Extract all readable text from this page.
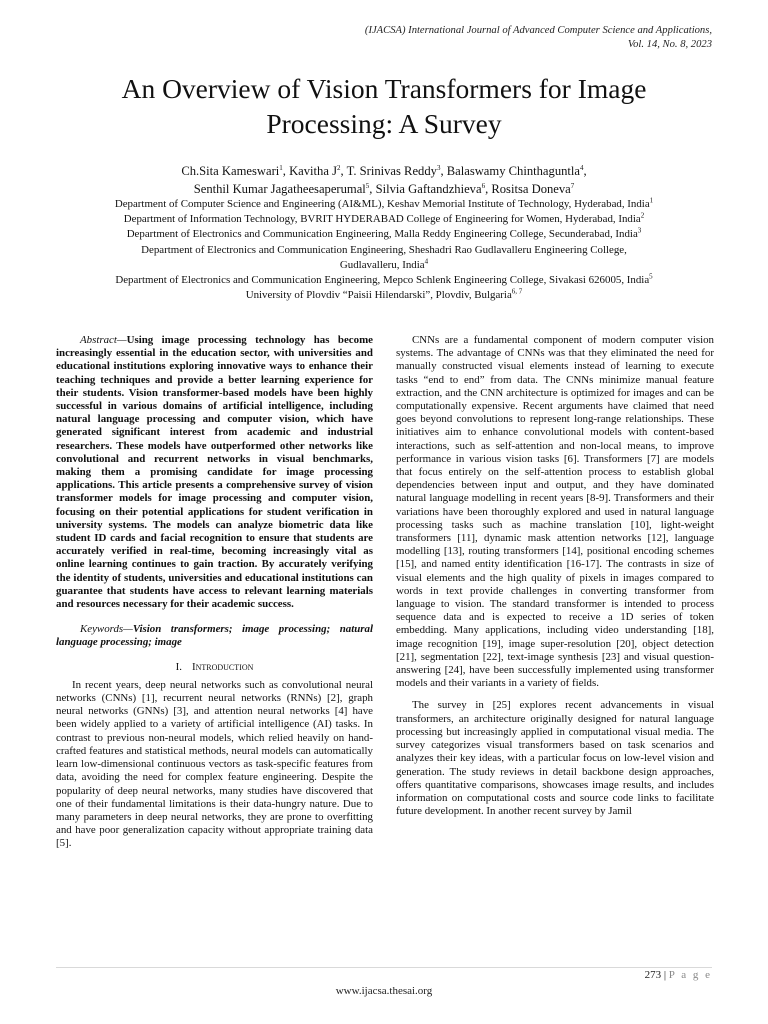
(IJACSA) International Journal of Advanced Computer Science and Applications,
Vol. 14, No. 8, 2023
An Overview of Vision Transformers for Image
Processing: A Survey
Ch.Sita Kameswari$^1$, Kavitha $J^2$, T. Srinivas Reddy$^3$, Balaswamy Chinthaguntla$^4$,
Senthil Kumar Jagatheesaperumal$^5$, Silvia Gaftandzhieva$^6$, Rositsa Doneva$^7$
Department of Computer Science and Engineering (AI&ML), Keshav Memorial Institute of Technology, Hyderabad, India$^1$
Department of Information Technology, BVRIT HYDERABAD College of Engineering for Women, Hyderabad, India$^2$
Department of Electronics and Communication Engineering, Malla Reddy Engineering College, Secunderabad, India$^3$
Department of Electronics and Communication Engineering, Sheshadri Rao Gudlavalleru Engineering College,
Gudlavalleru, India$^4$
Department of Electronics and Communication Engineering, Mepco Schlenk Engineering College, Sivakasi 626005, India$^5$
University of Plovdiv “Paisii Hilendarski”, Plovdiv, Bulgaria$^{6, 7}$

Abstract—Using image processing technology has become increasingly essential in the education sector, with universities and educational institutions exploring innovative ways to enhance their teaching techniques and provide a better learning experience for their students. Vision transformer-based models have been highly successful in various domains of artificial intelligence, including natural language processing and computer vision, which have generated significant interest from academic and industrial researchers. These models have outperformed other networks like convolutional and recurrent networks in visual benchmarks, making them a promising candidate for image processing applications. This article presents a comprehensive survey of vision transformer models for image processing and computer vision, focusing on their potential applications for student verification in university systems. The models can analyze biometric data like student ID cards and facial recognition to ensure that students are accurately verified in real-time, becoming increasingly vital as online learning continues to gain traction. By accurately verifying the identity of students, universities and educational institutions can guarantee that students have access to relevant learning materials and resources necessary for their academic success.

Keywords—Vision transformers; image processing; natural language processing; image

I. Introduction

In recent years, deep neural networks such as convolutional neural networks (CNNs) [1], recurrent neural networks (RNNs) [2], graph neural networks (GNNs) [3], and attention neural networks [4] have been widely applied to a variety of artificial intelligence (AI) tasks. In contrast to previous non-neural models, which relied heavily on hand-crafted features and statistical methods, neural models can automatically learn low-dimensional continuous vectors as task-specific features from data, avoiding the need for complex feature engineering. Despite the popularity of deep neural networks, many studies have discovered that one of their fundamental limitations is their data-hungry nature. Due to many parameters in deep neural networks, they are prone to overfitting and have poor generalization capacity without appropriate training data [5].

CNNs are a fundamental component of modern computer vision systems. The advantage of CNNs was that they eliminated the need for manually constructed visual elements instead of learning to execute tasks “end to end” from data. The CNNs minimize manual feature extraction, and the CNN architecture is optimized for images and can be computationally expensive. Recent arguments have claimed that need goes beyond convolutions to represent long-range relationships. These initiatives aim to enhance convolutional models with content-based interactions, such as self-attention and non-local means, to improve performance in various vision tasks [6]. Transformers [7] are models that focus entirely on the self-attention process to establish global dependencies between input and output, and they have dominated natural language modelling in recent years [8-9]. Transformers and their variations have been thoroughly explored and used in natural language processing tasks such as machine translation [10], light-weight transformers [11], dynamic mask attention networks [12], language modelling [13], routing transformers [14], positional encoding schemes [15], and named entity identification [16-17]. The contrasts in size of visual elements and the high quality of pixels in images compared to words in text provide challenges in converting transformer from language to vision. The standard transformer is intended to process sequence data and is expected to receive a 1D series of token embedding. Many applications, including video understanding [18], image recognition [19], image super-resolution [20], object detection [21], segmentation [22], text-image synthesis [23] and visual question-answering [24], have been successfully implemented using transformer models and their variants in a variety of fields.

The survey in [25] explores recent advancements in visual transformers, an architecture originally designed for natural language processing but increasingly applied in computational visual media. The survey categorizes visual transformers based on task scenarios and analyzes their key ideas, with a particular focus on low-level vision and generation. The study reviews in detail backbone design approaches, offers quantitative comparisons, showcases image results, and includes information on computational costs and source code links to facilitate future development. In another recent survey by Jamil

273 | P a g e
www.ijacsa.thesai.org
